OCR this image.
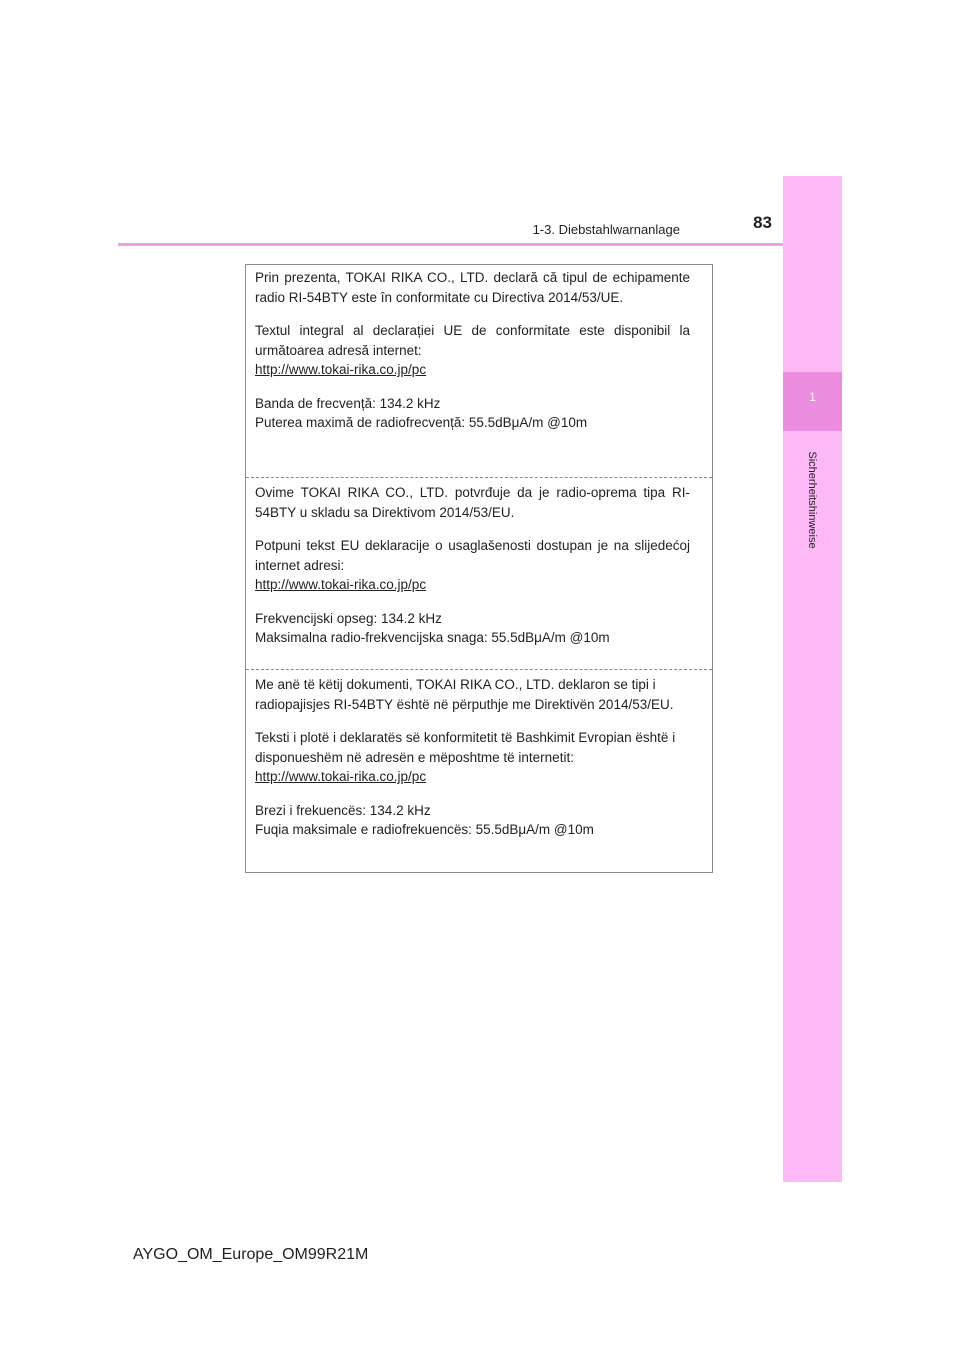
1-3. Diebstahlwarnanlage	83
1
Sicherheitshinweise

Prin prezenta, TOKAI RIKA CO., LTD. declară că tipul de echipamente radio RI-54BTY este în conformitate cu Directiva 2014/53/UE.

Textul integral al declarației UE de conformitate este disponibil la următoarea adresă internet:
http://www.tokai-rika.co.jp/pc

Banda de frecvență: 134.2 kHz
Puterea maximă de radiofrecvență: 55.5dBμA/m @10m

Ovime TOKAI RIKA CO., LTD. potvrđuje da je radio-oprema tipa RI-54BTY u skladu sa Direktivom 2014/53/EU.

Potpuni tekst EU deklaracije o usaglašenosti dostupan je na slijedećoj internet adresi:
http://www.tokai-rika.co.jp/pc

Frekvencijski opseg: 134.2 kHz
Maksimalna radio-frekvencijska snaga: 55.5dBμA/m @10m

Me anë të këtij dokumenti, TOKAI RIKA CO., LTD. deklaron se tipi i radiopajisjes RI-54BTY është në përputhje me Direktivën 2014/53/EU.

Teksti i plotë i deklaratës së konformitetit të Bashkimit Evropian është i disponueshëm në adresën e mëposhtme të internetit:
http://www.tokai-rika.co.jp/pc

Brezi i frekuencës: 134.2 kHz
Fuqia maksimale e radiofrekuencës: 55.5dBμA/m @10m

AYGO_OM_Europe_OM99R21M
